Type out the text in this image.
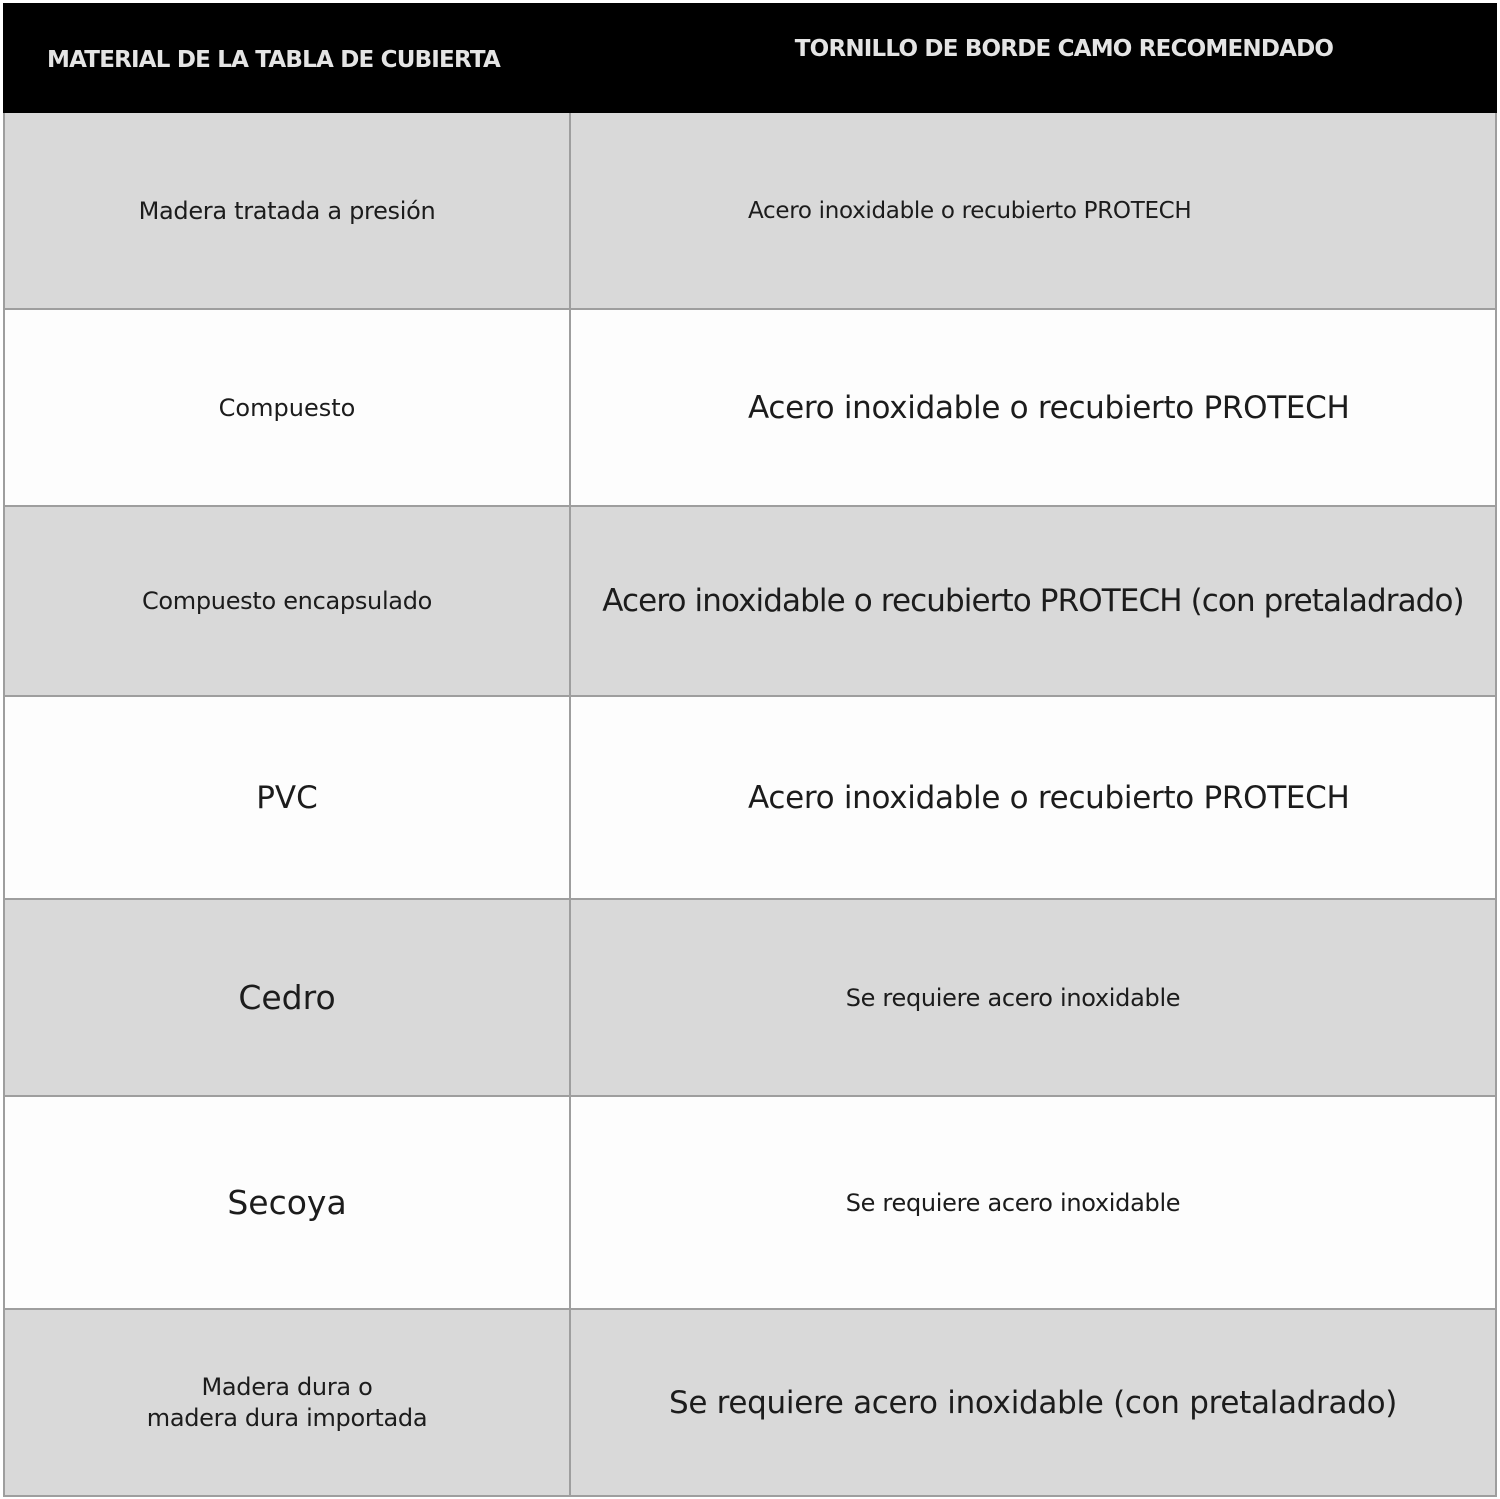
MATERIAL DE LA TABLA DE CUBIERTA	TORNILLO DE BORDE CAMO RECOMENDADO
Madera tratada a presión	Acero inoxidable o recubierto PROTECH
Compuesto	Acero inoxidable o recubierto PROTECH
Compuesto encapsulado	Acero inoxidable o recubierto PROTECH (con pretaladrado)
PVC	Acero inoxidable o recubierto PROTECH
Cedro	Se requiere acero inoxidable
Secoya	Se requiere acero inoxidable
Madera dura o
madera dura importada	Se requiere acero inoxidable (con pretaladrado)
